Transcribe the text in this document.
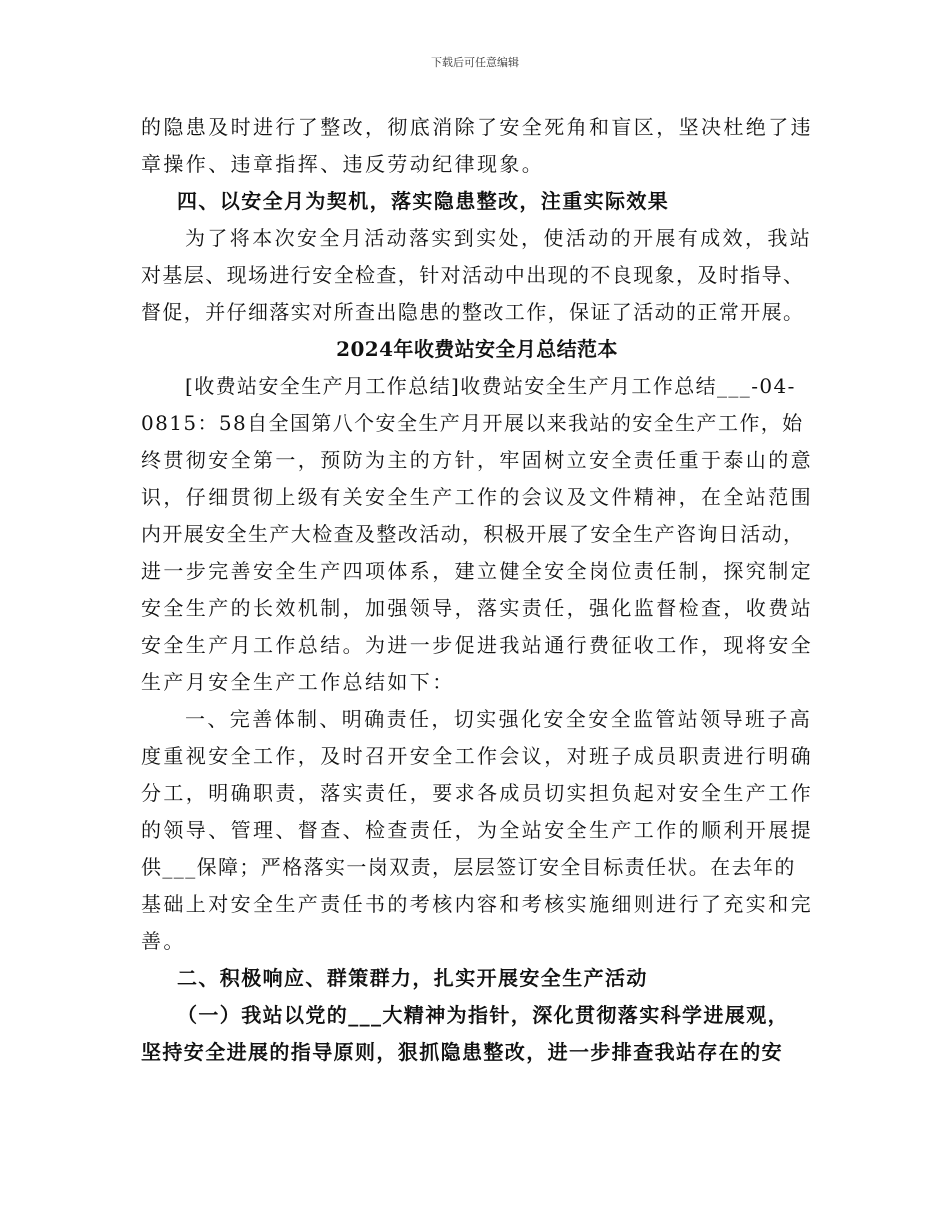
下载后可任意编辑
的隐患及时进行了整改，彻底消除了安全死角和盲区，坚决杜绝了违
章操作、违章指挥、违反劳动纪律现象。
四、以安全月为契机，落实隐患整改，注重实际效果
为了将本次安全月活动落实到实处，使活动的开展有成效，我站
对基层、现场进行安全检查，针对活动中出现的不良现象，及时指导、
督促，并仔细落实对所查出隐患的整改工作，保证了活动的正常开展。
2024年收费站安全月总结范本
[收费站安全生产月工作总结]收费站安全生产月工作总结___-04-
0815：58自全国第八个安全生产月开展以来我站的安全生产工作，始
终贯彻安全第一，预防为主的方针，牢固树立安全责任重于泰山的意
识，仔细贯彻上级有关安全生产工作的会议及文件精神，在全站范围
内开展安全生产大检查及整改活动，积极开展了安全生产咨询日活动，
进一步完善安全生产四项体系，建立健全安全岗位责任制，探究制定
安全生产的长效机制，加强领导，落实责任，强化监督检查，收费站
安全生产月工作总结。为进一步促进我站通行费征收工作，现将安全
生产月安全生产工作总结如下：
一、完善体制、明确责任，切实强化安全安全监管站领导班子高
度重视安全工作，及时召开安全工作会议，对班子成员职责进行明确
分工，明确职责，落实责任，要求各成员切实担负起对安全生产工作
的领导、管理、督查、检查责任，为全站安全生产工作的顺利开展提
供___保障；严格落实一岗双责，层层签订安全目标责任状。在去年的
基础上对安全生产责任书的考核内容和考核实施细则进行了充实和完
善。
二、积极响应、群策群力，扎实开展安全生产活动
（一）我站以党的___大精神为指针，深化贯彻落实科学进展观，
坚持安全进展的指导原则，狠抓隐患整改，进一步排查我站存在的安
